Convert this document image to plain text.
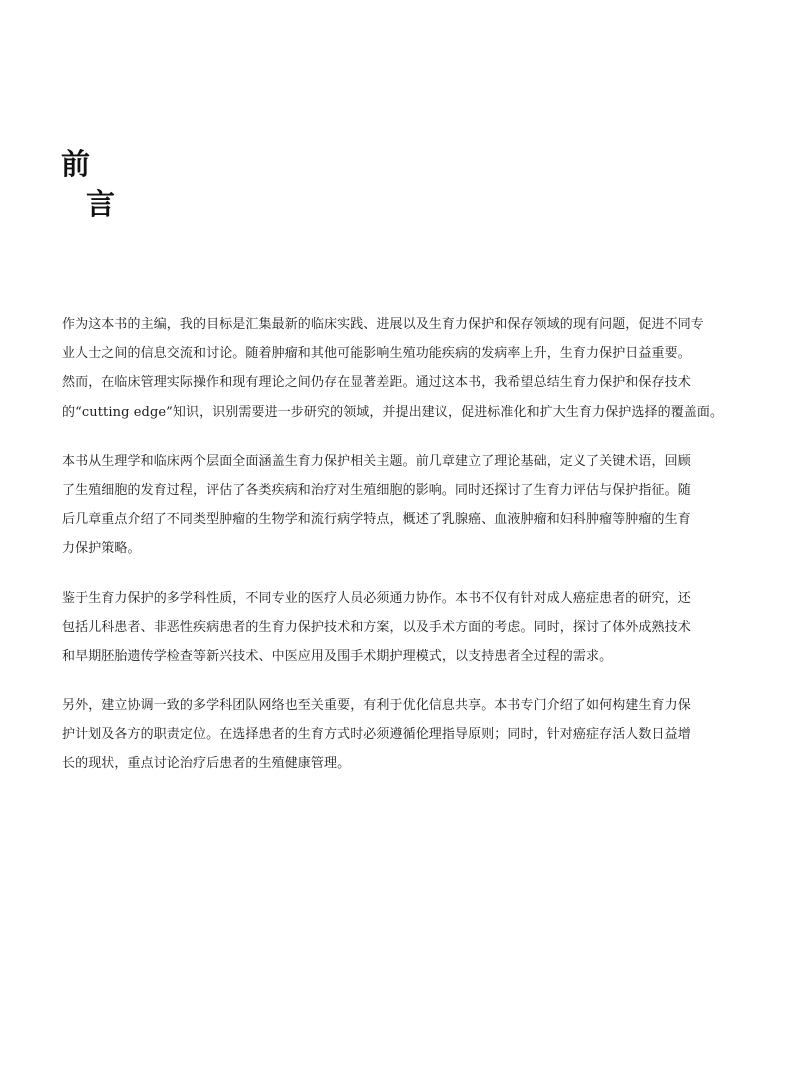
前
言
作为这本书的主编，我的目标是汇集最新的临床实践、进展以及生育力保护和保存领域的现有问题，促进不同专
业人士之间的信息交流和讨论。随着肿瘤和其他可能影响生殖功能疾病的发病率上升，生育力保护日益重要。
然而，在临床管理实际操作和现有理论之间仍存在显著差距。通过这本书，我希望总结生育力保护和保存技术
的“cutting edge”知识，识别需要进一步研究的领域，并提出建议，促进标准化和扩大生育力保护选择的覆盖面。
本书从生理学和临床两个层面全面涵盖生育力保护相关主题。前几章建立了理论基础，定义了关键术语，回顾
了生殖细胞的发育过程，评估了各类疾病和治疗对生殖细胞的影响。同时还探讨了生育力评估与保护指征。随
后几章重点介绍了不同类型肿瘤的生物学和流行病学特点，概述了乳腺癌、血液肿瘤和妇科肿瘤等肿瘤的生育
力保护策略。
鉴于生育力保护的多学科性质，不同专业的医疗人员必须通力协作。本书不仅有针对成人癌症患者的研究，还
包括儿科患者、非恶性疾病患者的生育力保护技术和方案，以及手术方面的考虑。同时，探讨了体外成熟技术
和早期胚胎遗传学检查等新兴技术、中医应用及围手术期护理模式，以支持患者全过程的需求。
另外，建立协调一致的多学科团队网络也至关重要，有利于优化信息共享。本书专门介绍了如何构建生育力保
护计划及各方的职责定位。在选择患者的生育方式时必须遵循伦理指导原则；同时，针对癌症存活人数日益增
长的现状，重点讨论治疗后患者的生殖健康管理。
